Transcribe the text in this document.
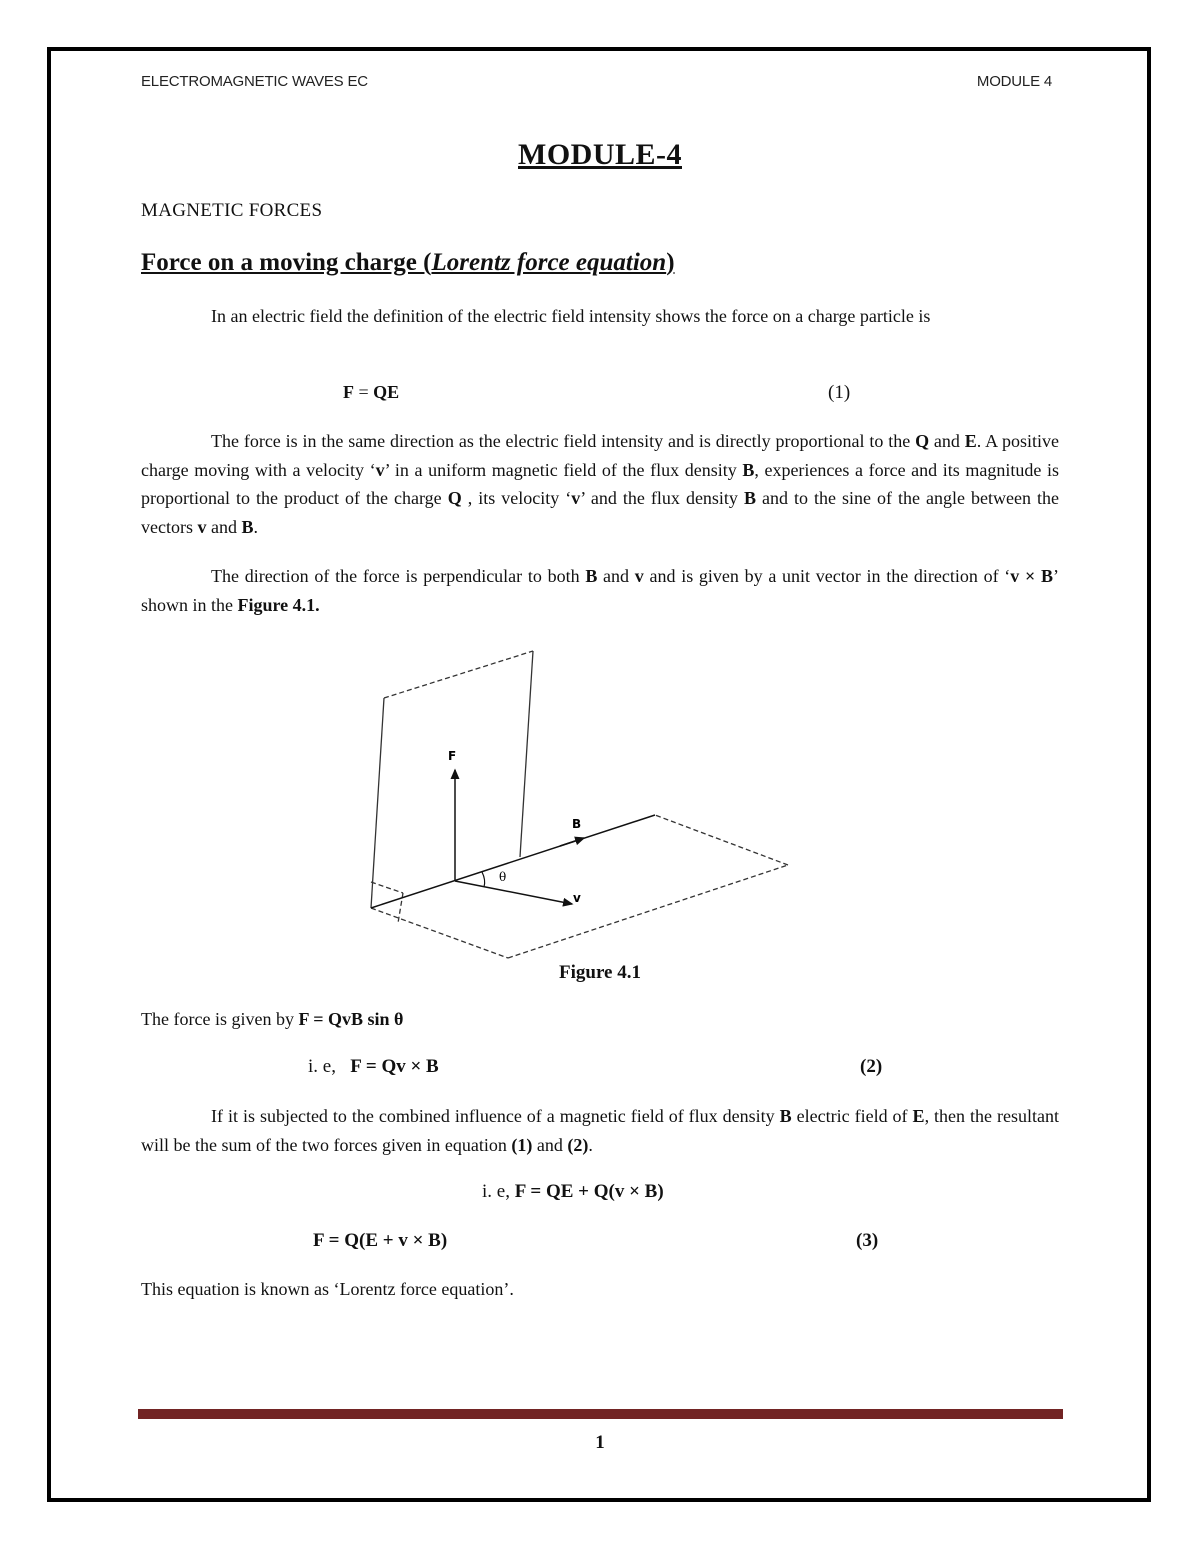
ELECTROMAGNETIC WAVES EC	MODULE 4
MODULE-4
MAGNETIC FORCES
Force on a moving charge (Lorentz force equation)
In an electric field the definition of the electric field intensity shows the force on a charge particle is
F = QE	(1)
The force is in the same direction as the electric field intensity and is directly proportional to the Q and E. A positive charge moving with a velocity ‘v’ in a uniform magnetic field of the flux density B, experiences a force and its magnitude is proportional to the product of the charge Q , its velocity ‘v’ and the flux density B and to the sine of the angle between the vectors v and B.
The direction of the force is perpendicular to both B and v and is given by a unit vector in the direction of ‘v × B’ shown in the Figure 4.1.
F
B
v
θ
Figure 4.1
The force is given by F = QvB sin θ
i. e, F = Qv × B	(2)
If it is subjected to the combined influence of a magnetic field of flux density B electric field of E, then the resultant will be the sum of the two forces given in equation (1) and (2).
i. e, F = QE + Q(v × B)
F = Q(E + v × B)	(3)
This equation is known as ‘Lorentz force equation’.
1
